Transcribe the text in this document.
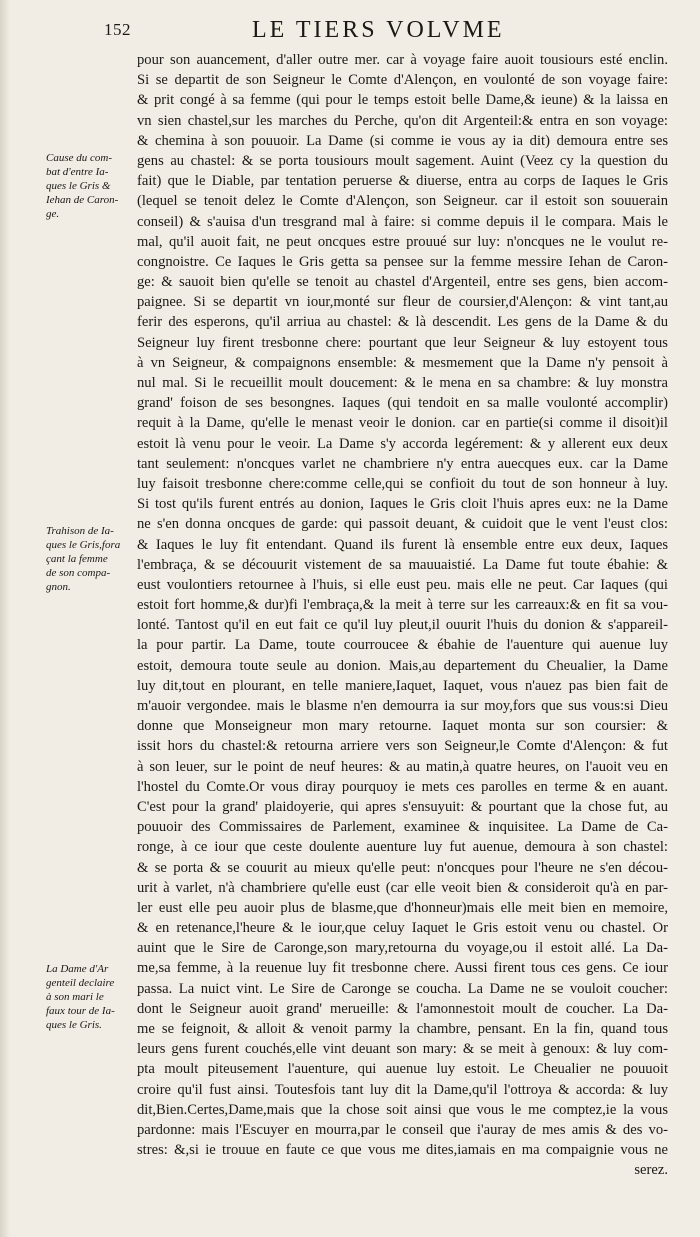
152	LE TIERS VOLVME
Cause du com-
bat d'entre Ia-
ques le Gris &
Iehan de Caron-
ge.
Trahison de Ia-
ques le Gris,fora
çant la femme
de son compa-
gnon.
La Dame d'Ar
genteil declaire
à son mari le
faux tour de Ia-
ques le Gris.
pour son auancement, d'aller outre mer. car à voyage faire auoit tousiours esté enclin.
Si se departit de son Seigneur le Comte d'Alençon, en voulonté de son voyage faire:
& prit congé à sa femme (qui pour le temps estoit belle Dame,& ieune) & la laissa en
vn sien chastel,sur les marches du Perche, qu'on dit Argenteil:& entra en son voyage:
& chemina à son pouuoir. La Dame (si comme ie vous ay ia dit) demoura entre ses
gens au chastel: & se porta tousiours moult sagement. Auint (Veez cy la question du
fait) que le Diable, par tentation peruerse & diuerse, entra au corps de Iaques le Gris
(lequel se tenoit delez le Comte d'Alençon, son Seigneur. car il estoit son souuerain
conseil) & s'auisa d'un tresgrand mal à faire: si comme depuis il le compara. Mais le
mal, qu'il auoit fait, ne peut oncques estre prouué sur luy: n'oncques ne le voulut re-
congnoistre. Ce Iaques le Gris getta sa pensee sur la femme messire Iehan de Caron-
ge: & sauoit bien qu'elle se tenoit au chastel d'Argenteil, entre ses gens, bien accom-
paignee. Si se departit vn iour,monté sur fleur de coursier,d'Alençon: & vint tant,au
ferir des esperons, qu'il arriua au chastel: & là descendit. Les gens de la Dame & du
Seigneur luy firent tresbonne chere: pourtant que leur Seigneur & luy estoyent tous
à vn Seigneur, & compaignons ensemble: & mesmement que la Dame n'y pensoit à
nul mal. Si le recueillit moult doucement: & le mena en sa chambre: & luy monstra
grand' foison de ses besongnes. Iaques (qui tendoit en sa malle voulonté accomplir)
requit à la Dame, qu'elle le menast veoir le donion. car en partie(si comme il disoit)il
estoit là venu pour le veoir. La Dame s'y accorda legérement: & y allerent eux deux
tant seulement: n'oncques varlet ne chambriere n'y entra auecques eux. car la Dame
luy faisoit tresbonne chere:comme celle,qui se confioit du tout de son honneur à luy.
Si tost qu'ils furent entrés au donion, Iaques le Gris cloit l'huis apres eux: ne la Dame
ne s'en donna oncques de garde: qui passoit deuant, & cuidoit que le vent l'eust clos:
& Iaques le luy fit entendant. Quand ils furent là ensemble entre eux deux, Iaques
l'embraça, & se découurit vistement de sa mauuaistié. La Dame fut toute ébahie: &
eust voulontiers retournee à l'huis, si elle eust peu. mais elle ne peut. Car Iaques (qui
estoit fort homme,& dur)fi l'embraça,& la meit à terre sur les carreaux:& en fit sa vou-
lonté. Tantost qu'il en eut fait ce qu'il luy pleut,il ouurit l'huis du donion & s'appareil-
la pour partir. La Dame, toute courroucee & ébahie de l'auenture qui auenue luy
estoit, demoura toute seule au donion. Mais,au departement du Cheualier, la Dame
luy dit,tout en plourant, en telle maniere,Iaquet, Iaquet, vous n'auez pas bien fait de
m'auoir vergondee. mais le blasme n'en demourra ia sur moy,fors que sus vous:si Dieu
donne que Monseigneur mon mary retourne. Iaquet monta sur son coursier: &
issit hors du chastel:& retourna arriere vers son Seigneur,le Comte d'Alençon: & fut
à son leuer, sur le point de neuf heures: & au matin,à quatre heures, on l'auoit veu en
l'hostel du Comte.Or vous diray pourquoy ie mets ces parolles en terme & en auant.
C'est pour la grand' plaidoyerie, qui apres s'ensuyuit: & pourtant que la chose fut, au
pouuoir des Commissaires de Parlement, examinee & inquisitee. La Dame de Ca-
ronge, à ce iour que ceste doulente auenture luy fut auenue, demoura à son chastel:
& se porta & se couurit au mieux qu'elle peut: n'oncques pour l'heure ne s'en décou-
urit à varlet, n'à chambriere qu'elle eust (car elle veoit bien & consideroit qu'à en par-
ler eust elle peu auoir plus de blasme,que d'honneur)mais elle meit bien en memoire,
& en retenance,l'heure & le iour,que celuy Iaquet le Gris estoit venu ou chastel. Or
auint que le Sire de Caronge,son mary,retourna du voyage,ou il estoit allé. La Da-
me,sa femme, à la reuenue luy fit tresbonne chere. Aussi firent tous ces gens. Ce iour
passa. La nuict vint. Le Sire de Caronge se coucha. La Dame ne se vouloit coucher:
dont le Seigneur auoit grand' merueille: & l'amonnestoit moult de coucher. La Da-
me se feignoit, & alloit & venoit parmy la chambre, pensant. En la fin, quand tous
leurs gens furent couchés,elle vint deuant son mary: & se meit à genoux: & luy com-
pta moult piteusement l'auenture, qui auenue luy estoit. Le Cheualier ne pouuoit
croire qu'il fust ainsi. Toutesfois tant luy dit la Dame,qu'il l'ottroya & accorda: & luy
dit,Bien.Certes,Dame,mais que la chose soit ainsi que vous le me comptez,ie la vous
pardonne: mais l'Escuyer en mourra,par le conseil que i'auray de mes amis & des vo-
stres: &,si ie trouue en faute ce que vous me dites,iamais en ma compaignie vous ne
serez.
